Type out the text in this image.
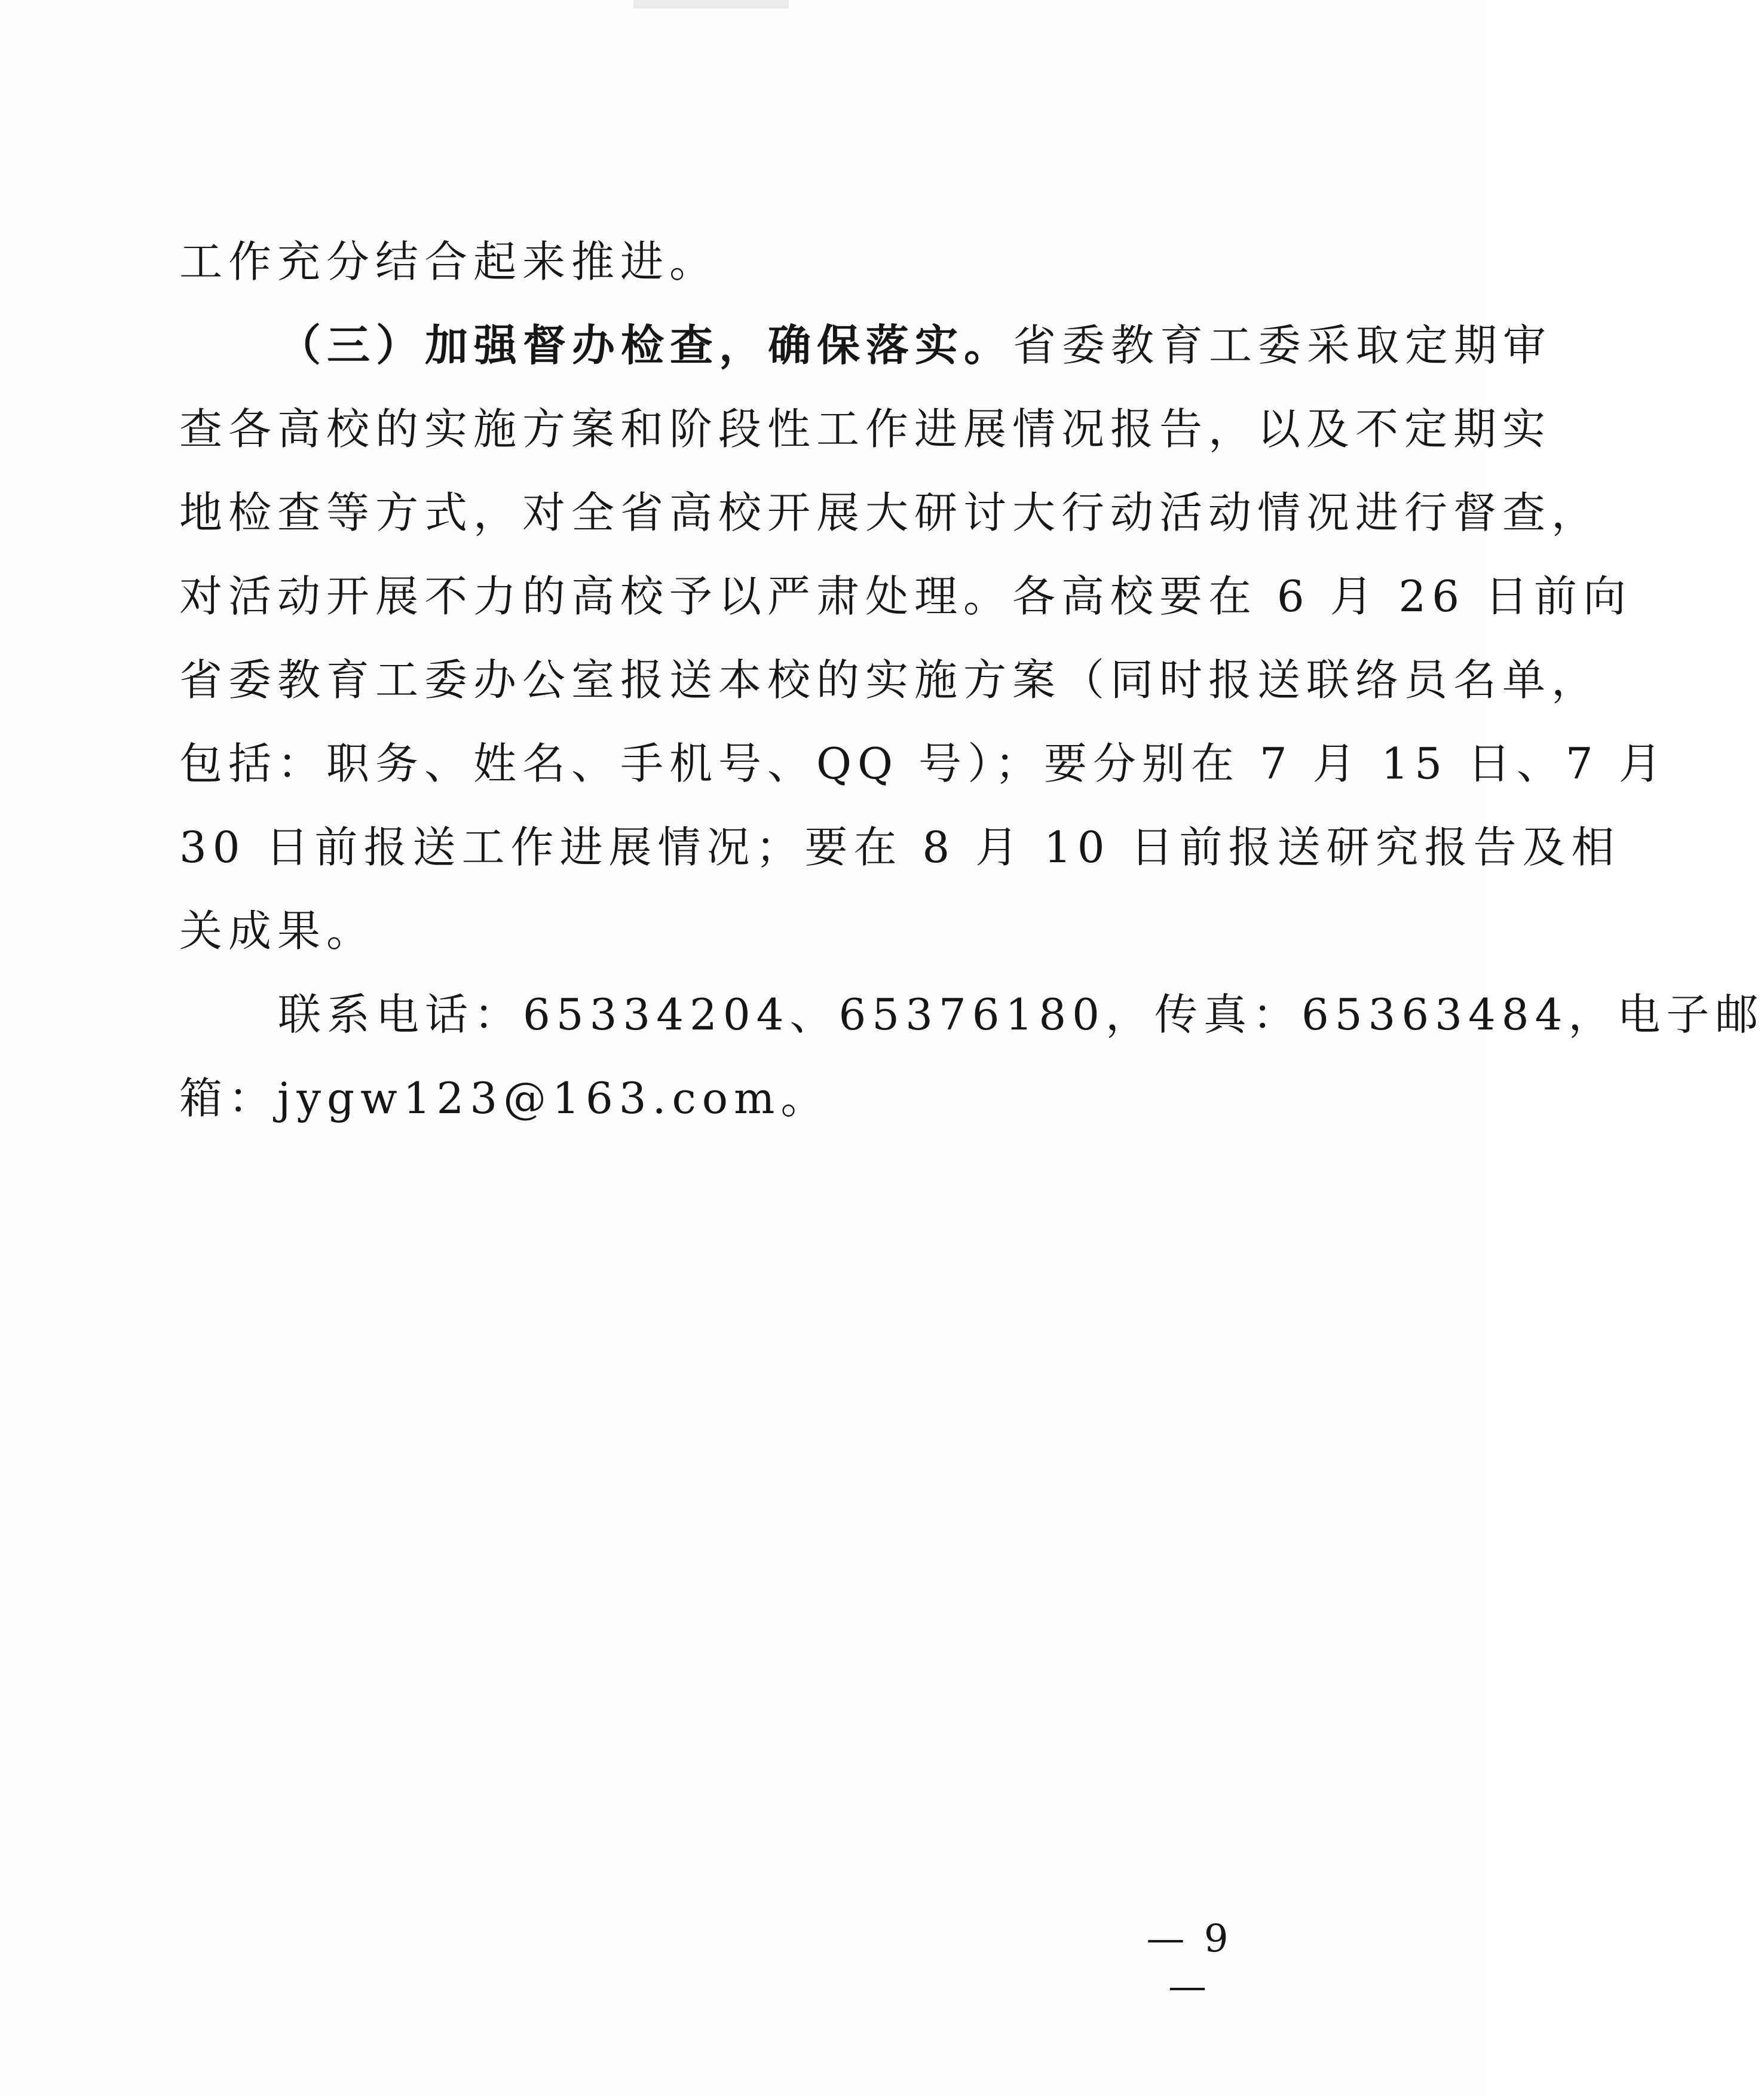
工作充分结合起来推进。
（三）加强督办检查，确保落实。省委教育工委采取定期审
查各高校的实施方案和阶段性工作进展情况报告，以及不定期实
地检查等方式，对全省高校开展大研讨大行动活动情况进行督查，
对活动开展不力的高校予以严肃处理。各高校要在 6 月 26 日前向
省委教育工委办公室报送本校的实施方案（同时报送联络员名单，
包括：职务、姓名、手机号、QQ 号）；要分别在 7 月 15 日、7 月
30 日前报送工作进展情况；要在 8 月 10 日前报送研究报告及相
关成果。
联系电话：65334204、65376180，传真：65363484，电子邮
箱：jygw123@163.com。
— 9 —
